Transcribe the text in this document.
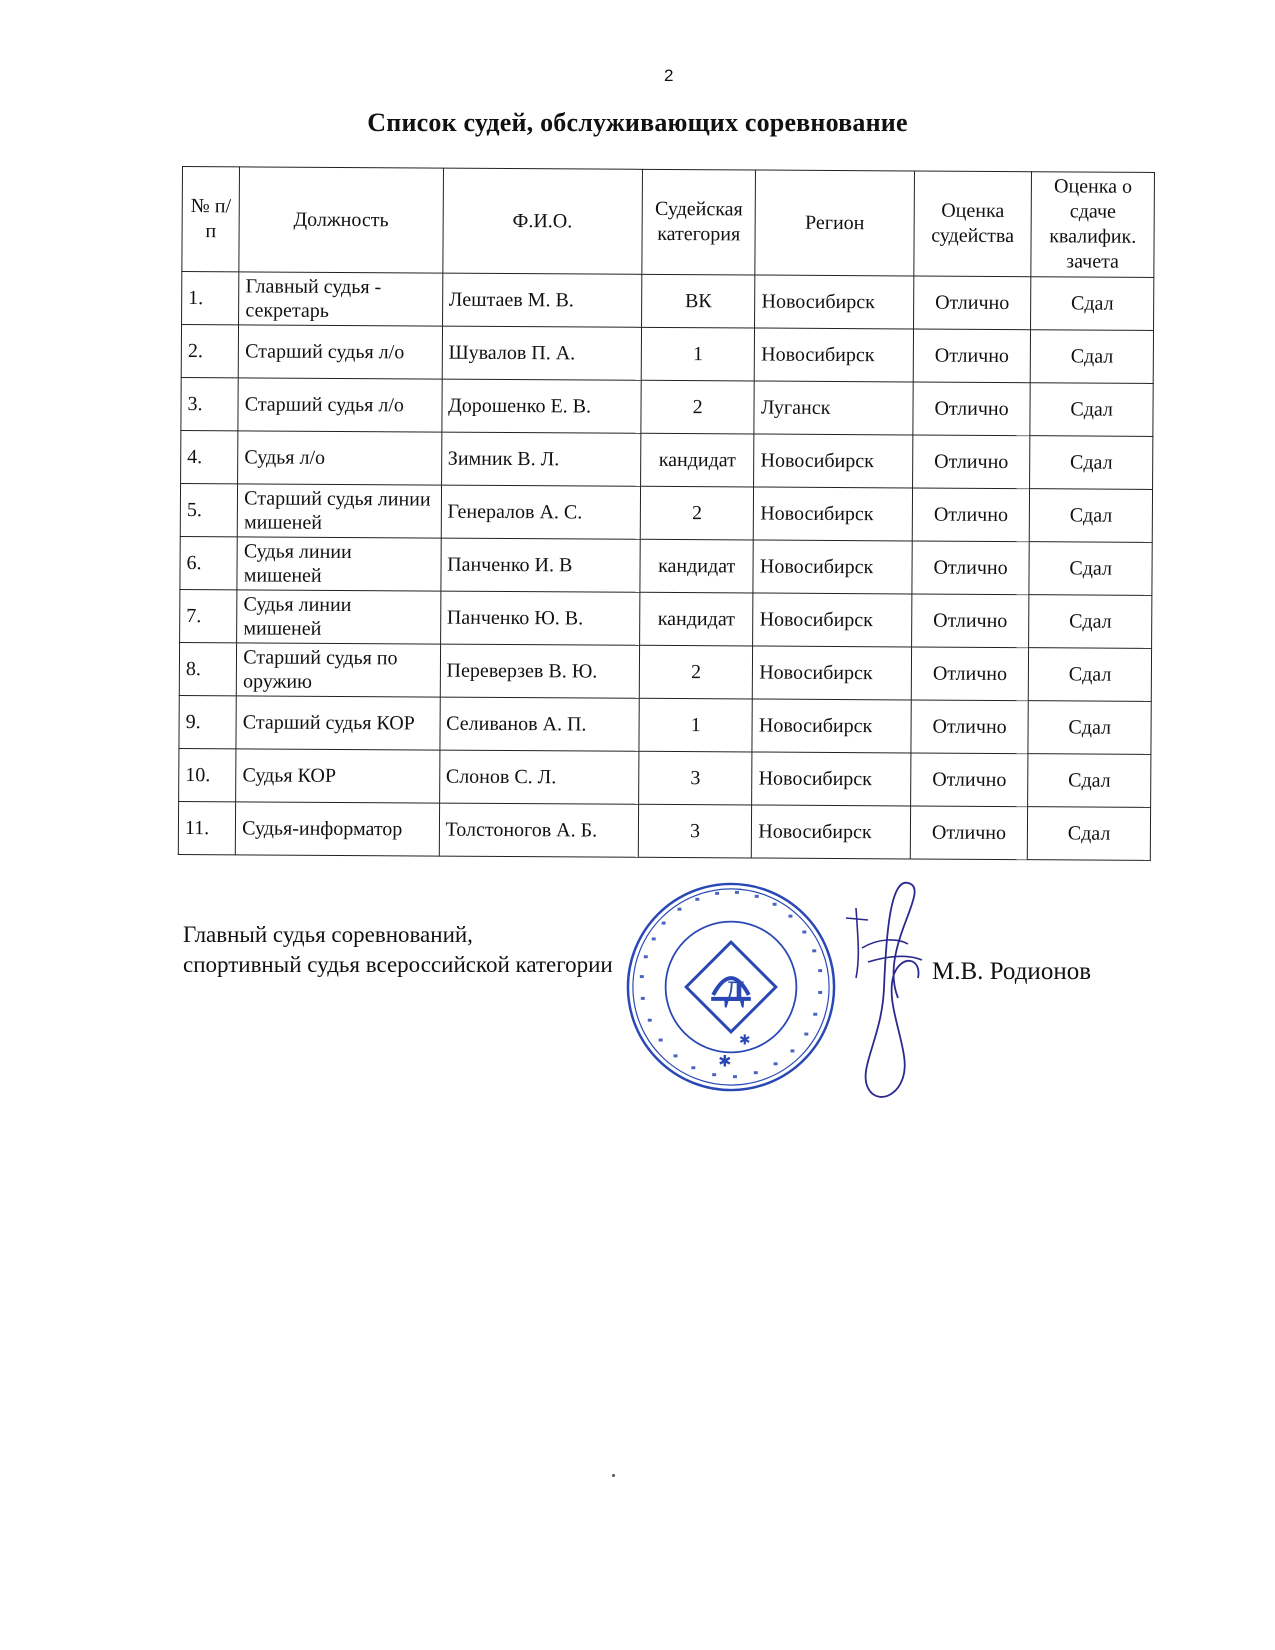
2
Список судей, обслуживающих соревнование
№ п/п	Должность	Ф.И.О.	Судейская категория	Регион	Оценка судейства	Оценка о сдаче квалифик. зачета
1.	Главный судья - секретарь	Лештаев М. В.	ВК	Новосибирск	Отлично	Сдал
2.	Старший судья л/о	Шувалов П. А.	1	Новосибирск	Отлично	Сдал
3.	Старший судья л/о	Дорошенко Е. В.	2	Луганск	Отлично	Сдал
4.	Судья л/о	Зимник В. Л.	кандидат	Новосибирск	Отлично	Сдал
5.	Старший судья линии мишеней	Генералов А. С.	2	Новосибирск	Отлично	Сдал
6.	Судья линии мишеней	Панченко И. В	кандидат	Новосибирск	Отлично	Сдал
7.	Судья линии мишеней	Панченко Ю. В.	кандидат	Новосибирск	Отлично	Сдал
8.	Старший судья по оружию	Переверзев В. Ю.	2	Новосибирск	Отлично	Сдал
9.	Старший судья КОР	Селиванов А. П.	1	Новосибирск	Отлично	Сдал
10.	Судья КОР	Слонов С. Л.	3	Новосибирск	Отлично	Сдал
11.	Судья-информатор	Толстоногов А. Б.	3	Новосибирск	Отлично	Сдал
Главный судья соревнований,
спортивный судья всероссийской категории
Д
✱
✱
М.В. Родионов
